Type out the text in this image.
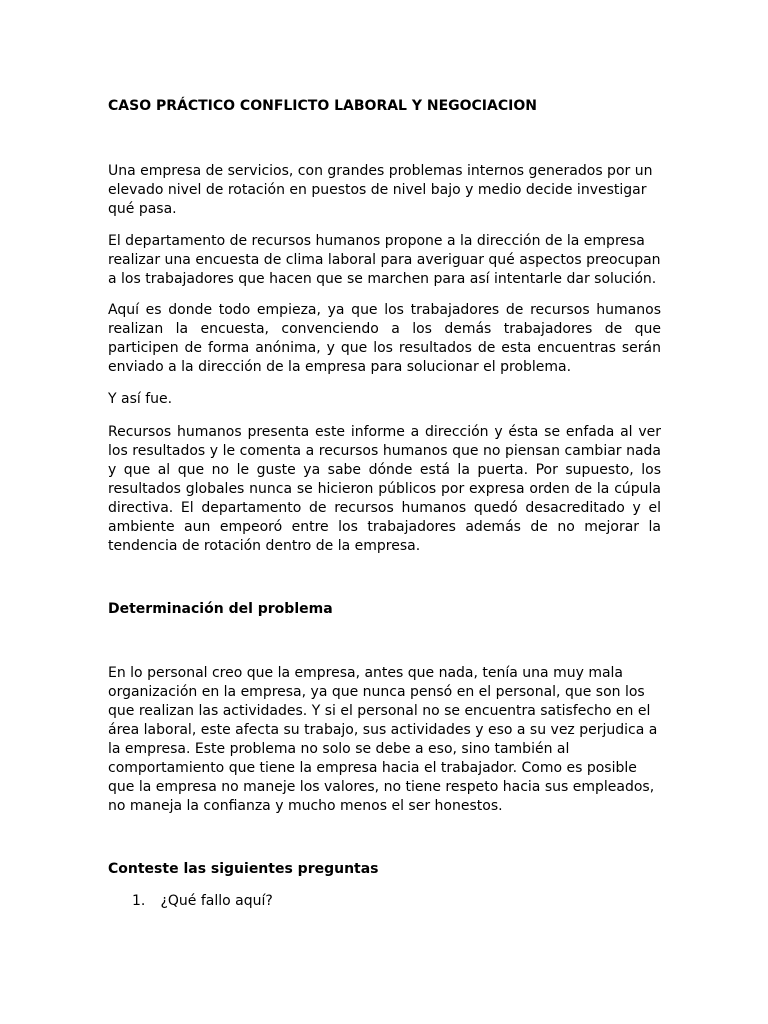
CASO PRÁCTICO CONFLICTO LABORAL Y NEGOCIACION

Una empresa de servicios, con grandes problemas internos generados por un elevado nivel de rotación en puestos de nivel bajo y medio decide investigar qué pasa.

El departamento de recursos humanos propone a la dirección de la empresa realizar una encuesta de clima laboral para averiguar qué aspectos preocupan a los trabajadores que hacen que se marchen para así intentarle dar solución.

Aquí es donde todo empieza, ya que los trabajadores de recursos humanos realizan la encuesta, convenciendo a los demás trabajadores de que participen de forma anónima, y que los resultados de esta encuentras serán enviado a la dirección de la empresa para solucionar el problema.

Y así fue.

Recursos humanos presenta este informe a dirección y ésta se enfada al ver los resultados y le comenta a recursos humanos que no piensan cambiar nada y que al que no le guste ya sabe dónde está la puerta. Por supuesto, los resultados globales nunca se hicieron públicos por expresa orden de la cúpula directiva. El departamento de recursos humanos quedó desacreditado y el ambiente aun empeoró entre los trabajadores además de no mejorar la tendencia de rotación dentro de la empresa.

Determinación del problema

En lo personal creo que la empresa, antes que nada, tenía una muy mala organización en la empresa, ya que nunca pensó en el personal, que son los que realizan las actividades. Y si el personal no se encuentra satisfecho en el área laboral, este afecta su trabajo, sus actividades y eso a su vez perjudica a la empresa. Este problema no solo se debe a eso, sino también al comportamiento que tiene la empresa hacia el trabajador. Como es posible que la empresa no maneje los valores, no tiene respeto hacia sus empleados, no maneja la confianza y mucho menos el ser honestos.

Conteste las siguientes preguntas
1. ¿Qué fallo aquí?
